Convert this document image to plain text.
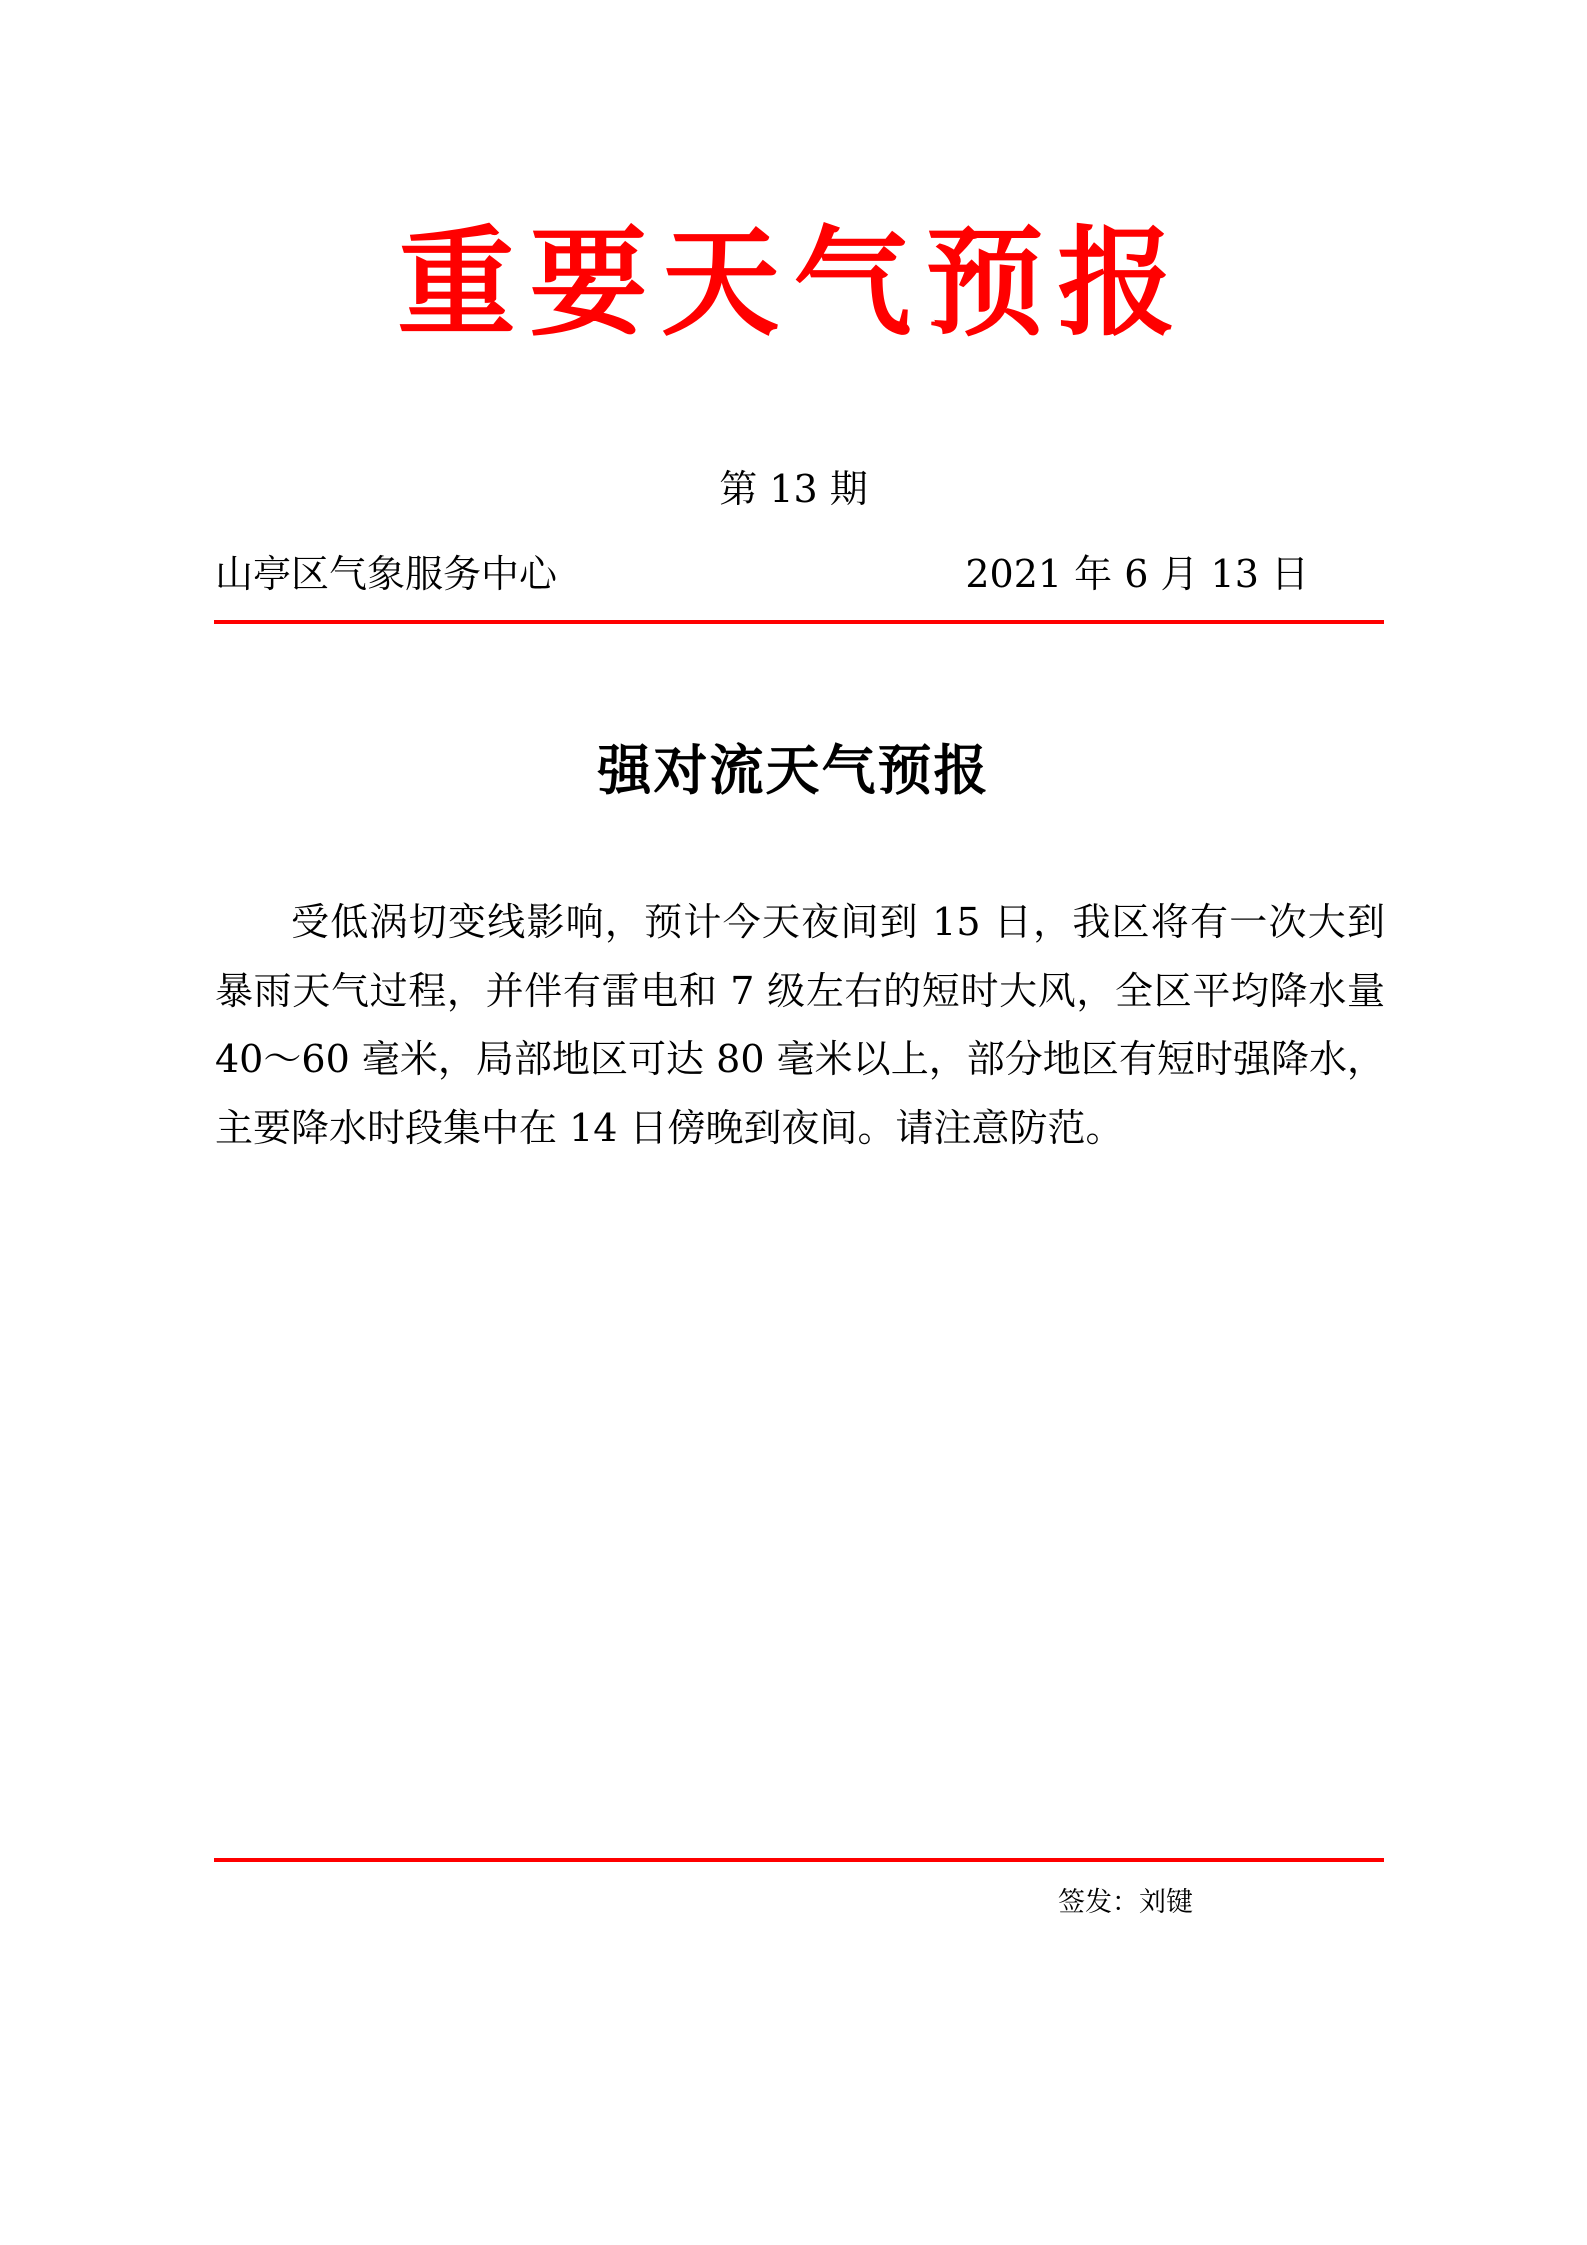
重要天气预报
第 13 期
山亭区气象服务中心	2021 年 6 月 13 日
强对流天气预报

受低涡切变线影响，预计今天夜间到 15 日，我区将有一次大到暴雨天气过程，并伴有雷电和 7 级左右的短时大风，全区平均降水量 40～60 毫米，局部地区可达 80 毫米以上，部分地区有短时强降水，主要降水时段集中在 14 日傍晚到夜间。请注意防范。

签发：刘键
